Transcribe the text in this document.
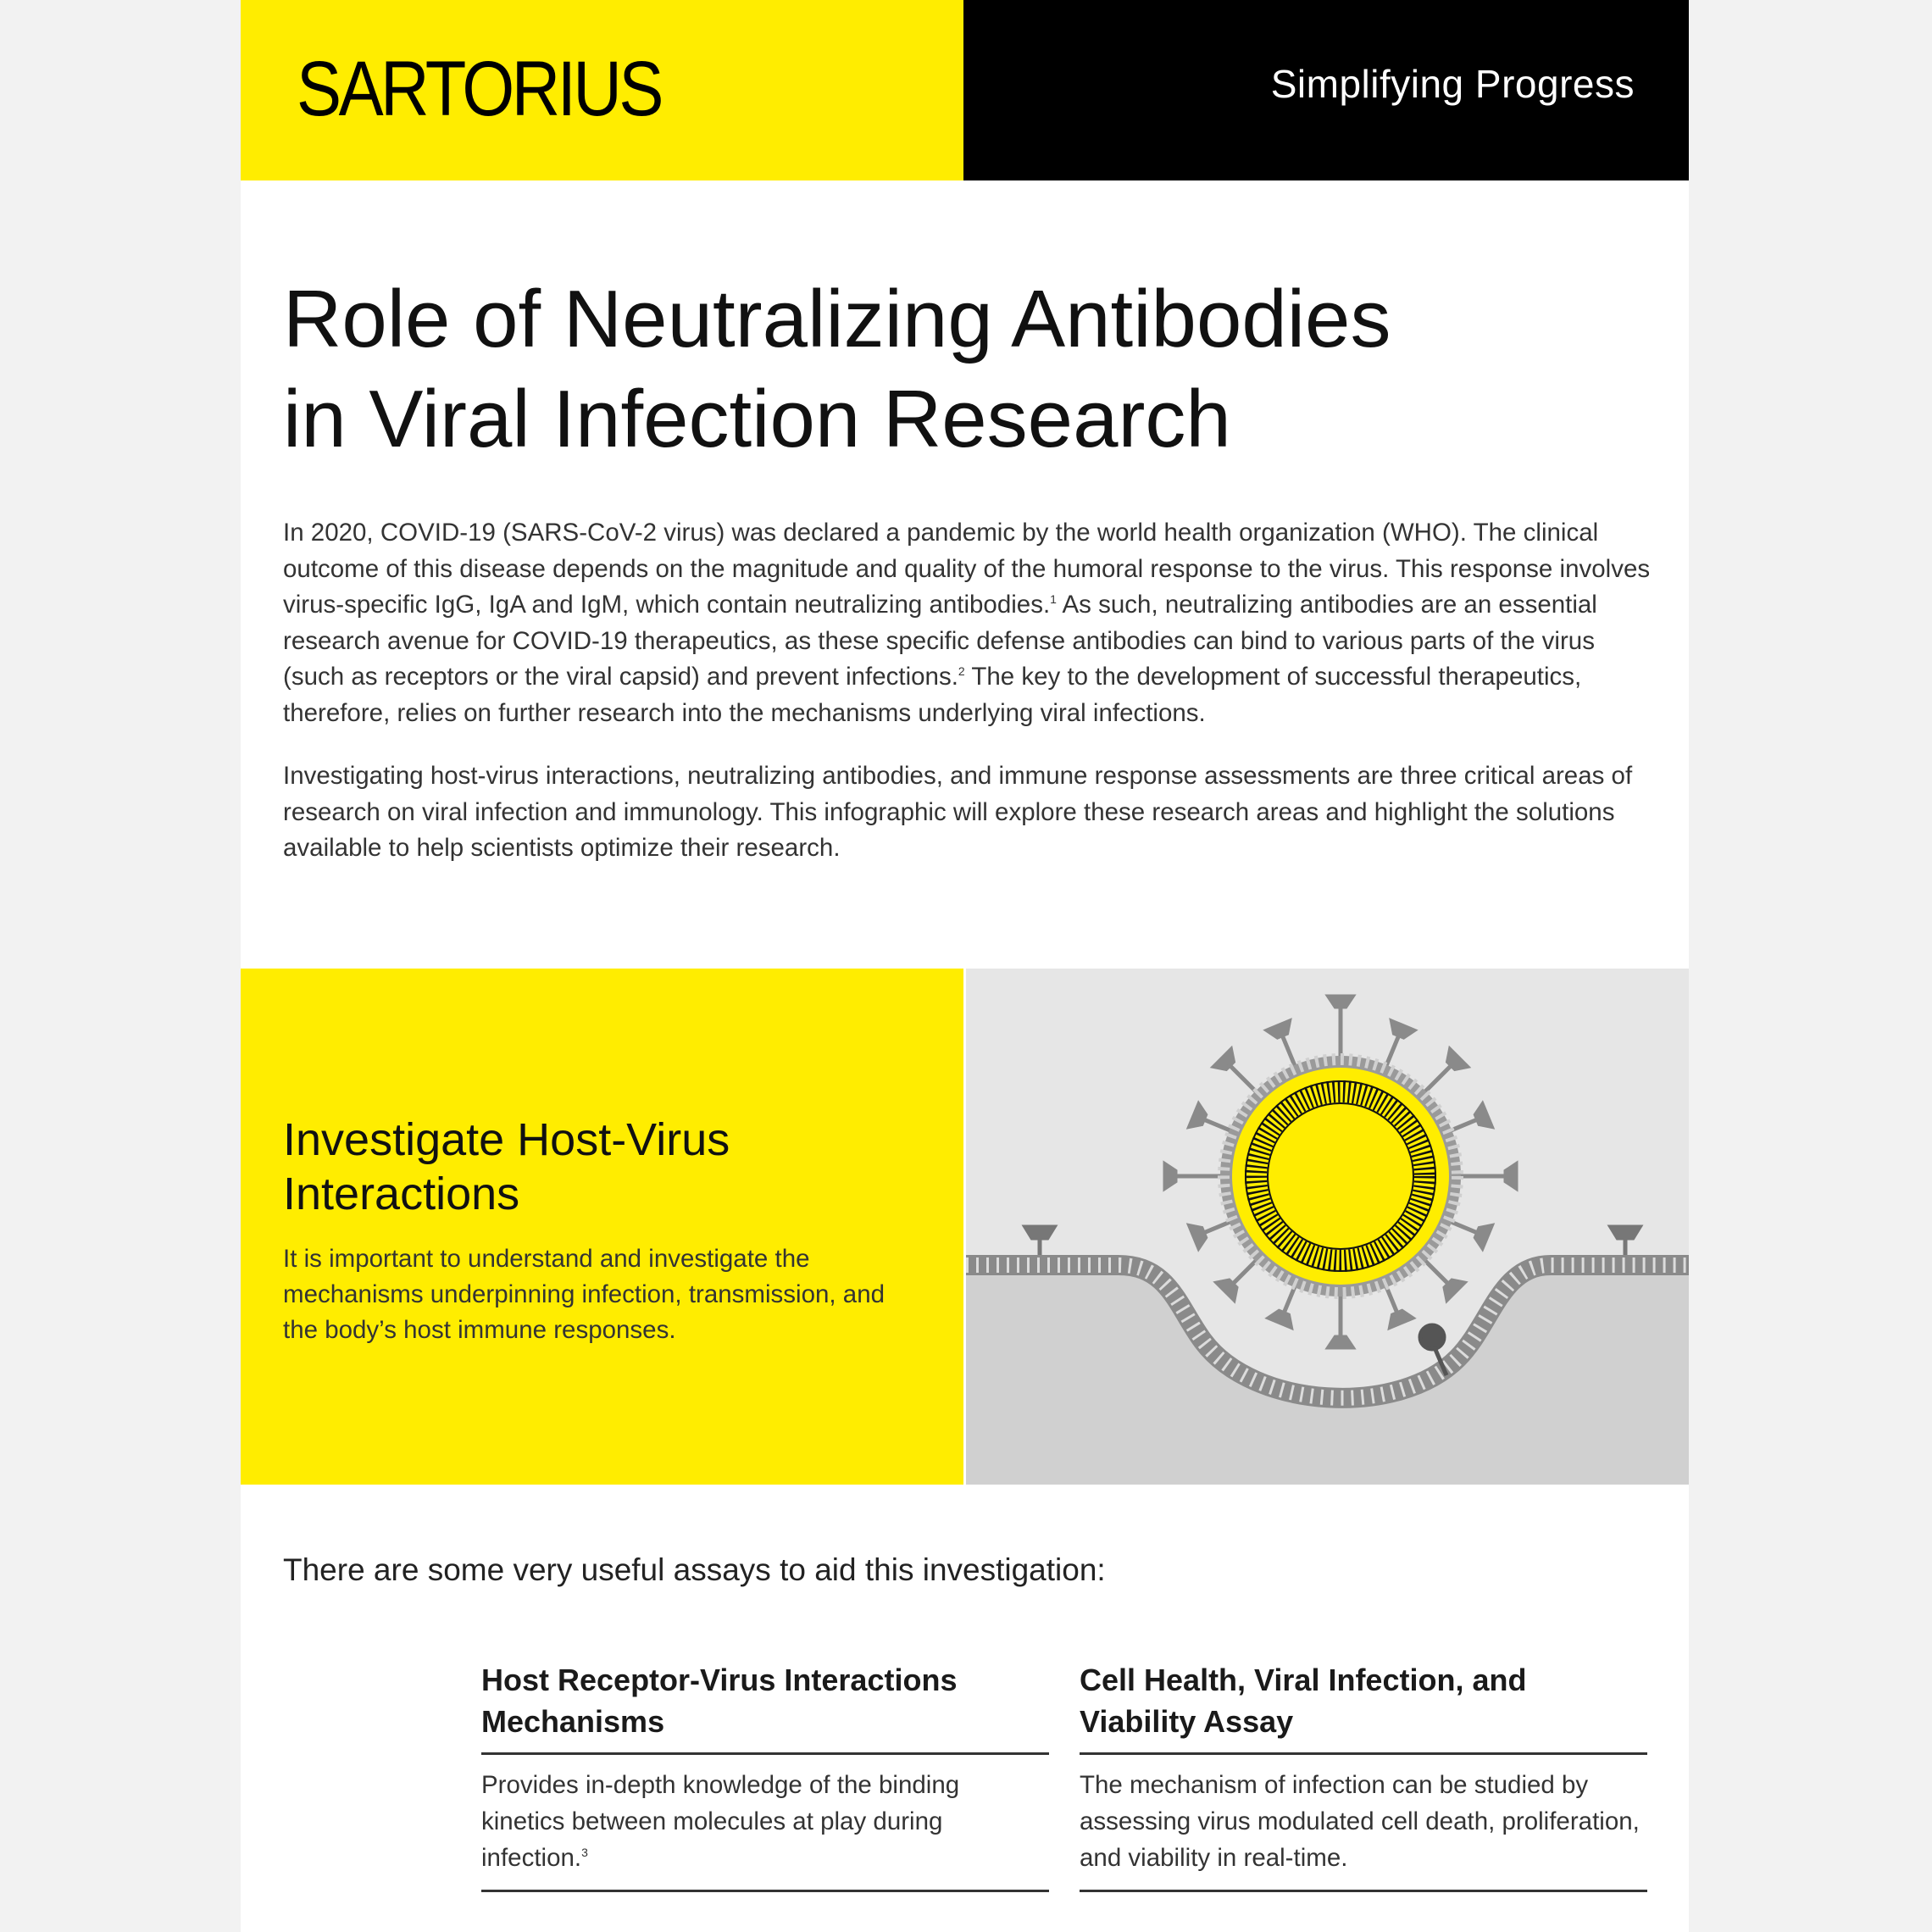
SARTORIUS	Simplifying Progress
Role of Neutralizing Antibodies
in Viral Infection Research

In 2020, COVID-19 (SARS-CoV-2 virus) was declared a pandemic by the world health organization (WHO). The clinical outcome of this disease depends on the magnitude and quality of the humoral response to the virus. This response involves virus-specific IgG, IgA and IgM, which contain neutralizing antibodies.$^1$ As such, neutralizing antibodies are an essential research avenue for COVID-19 therapeutics, as these specific defense antibodies can bind to various parts of the virus (such as receptors or the viral capsid) and prevent infections.$^2$ The key to the development of successful therapeutics, therefore, relies on further research into the mechanisms underlying viral infections.

Investigating host-virus interactions, neutralizing antibodies, and immune response assessments are three critical areas of research on viral infection and immunology. This infographic will explore these research areas and highlight the solutions available to help scientists optimize their research.

Investigate Host-Virus
Interactions

It is important to understand and investigate the mechanisms underpinning infection, transmission, and the body’s host immune responses.

There are some very useful assays to aid this investigation:

Host Receptor-Virus Interactions
Mechanisms

Provides in-depth knowledge of the binding kinetics between molecules at play during infection.$^3$

Cell Health, Viral Infection, and
Viability Assay

The mechanism of infection can be studied by assessing virus modulated cell death, proliferation, and viability in real-time.
